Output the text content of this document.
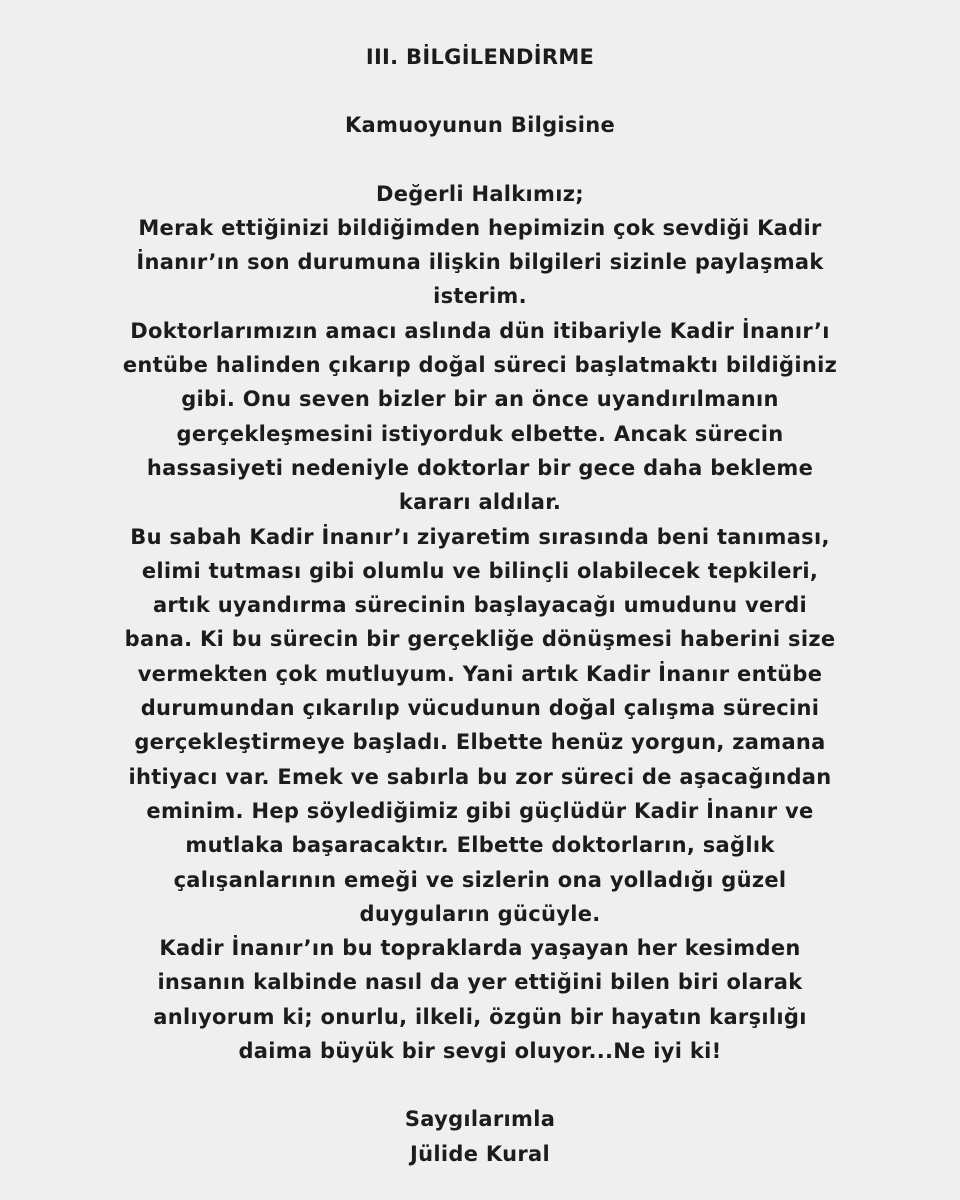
III. BİLGİLENDİRME
Kamuoyunun Bilgisine
Değerli Halkımız;
Merak ettiğinizi bildiğimden hepimizin çok sevdiği Kadir
İnanır’ın son durumuna ilişkin bilgileri sizinle paylaşmak
isterim.
Doktorlarımızın amacı aslında dün itibariyle Kadir İnanır’ı
entübe halinden çıkarıp doğal süreci başlatmaktı bildiğiniz
gibi. Onu seven bizler bir an önce uyandırılmanın
gerçekleşmesini istiyorduk elbette. Ancak sürecin
hassasiyeti nedeniyle doktorlar bir gece daha bekleme
kararı aldılar.
Bu sabah Kadir İnanır’ı ziyaretim sırasında beni tanıması,
elimi tutması gibi olumlu ve bilinçli olabilecek tepkileri,
artık uyandırma sürecinin başlayacağı umudunu verdi
bana. Ki bu sürecin bir gerçekliğe dönüşmesi haberini size
vermekten çok mutluyum. Yani artık Kadir İnanır entübe
durumundan çıkarılıp vücudunun doğal çalışma sürecini
gerçekleştirmeye başladı. Elbette henüz yorgun, zamana
ihtiyacı var. Emek ve sabırla bu zor süreci de aşacağından
eminim. Hep söylediğimiz gibi güçlüdür Kadir İnanır ve
mutlaka başaracaktır. Elbette doktorların, sağlık
çalışanlarının emeği ve sizlerin ona yolladığı güzel
duyguların gücüyle.
Kadir İnanır’ın bu topraklarda yaşayan her kesimden
insanın kalbinde nasıl da yer ettiğini bilen biri olarak
anlıyorum ki; onurlu, ilkeli, özgün bir hayatın karşılığı
daima büyük bir sevgi oluyor...Ne iyi ki!
Saygılarımla
Jülide Kural
